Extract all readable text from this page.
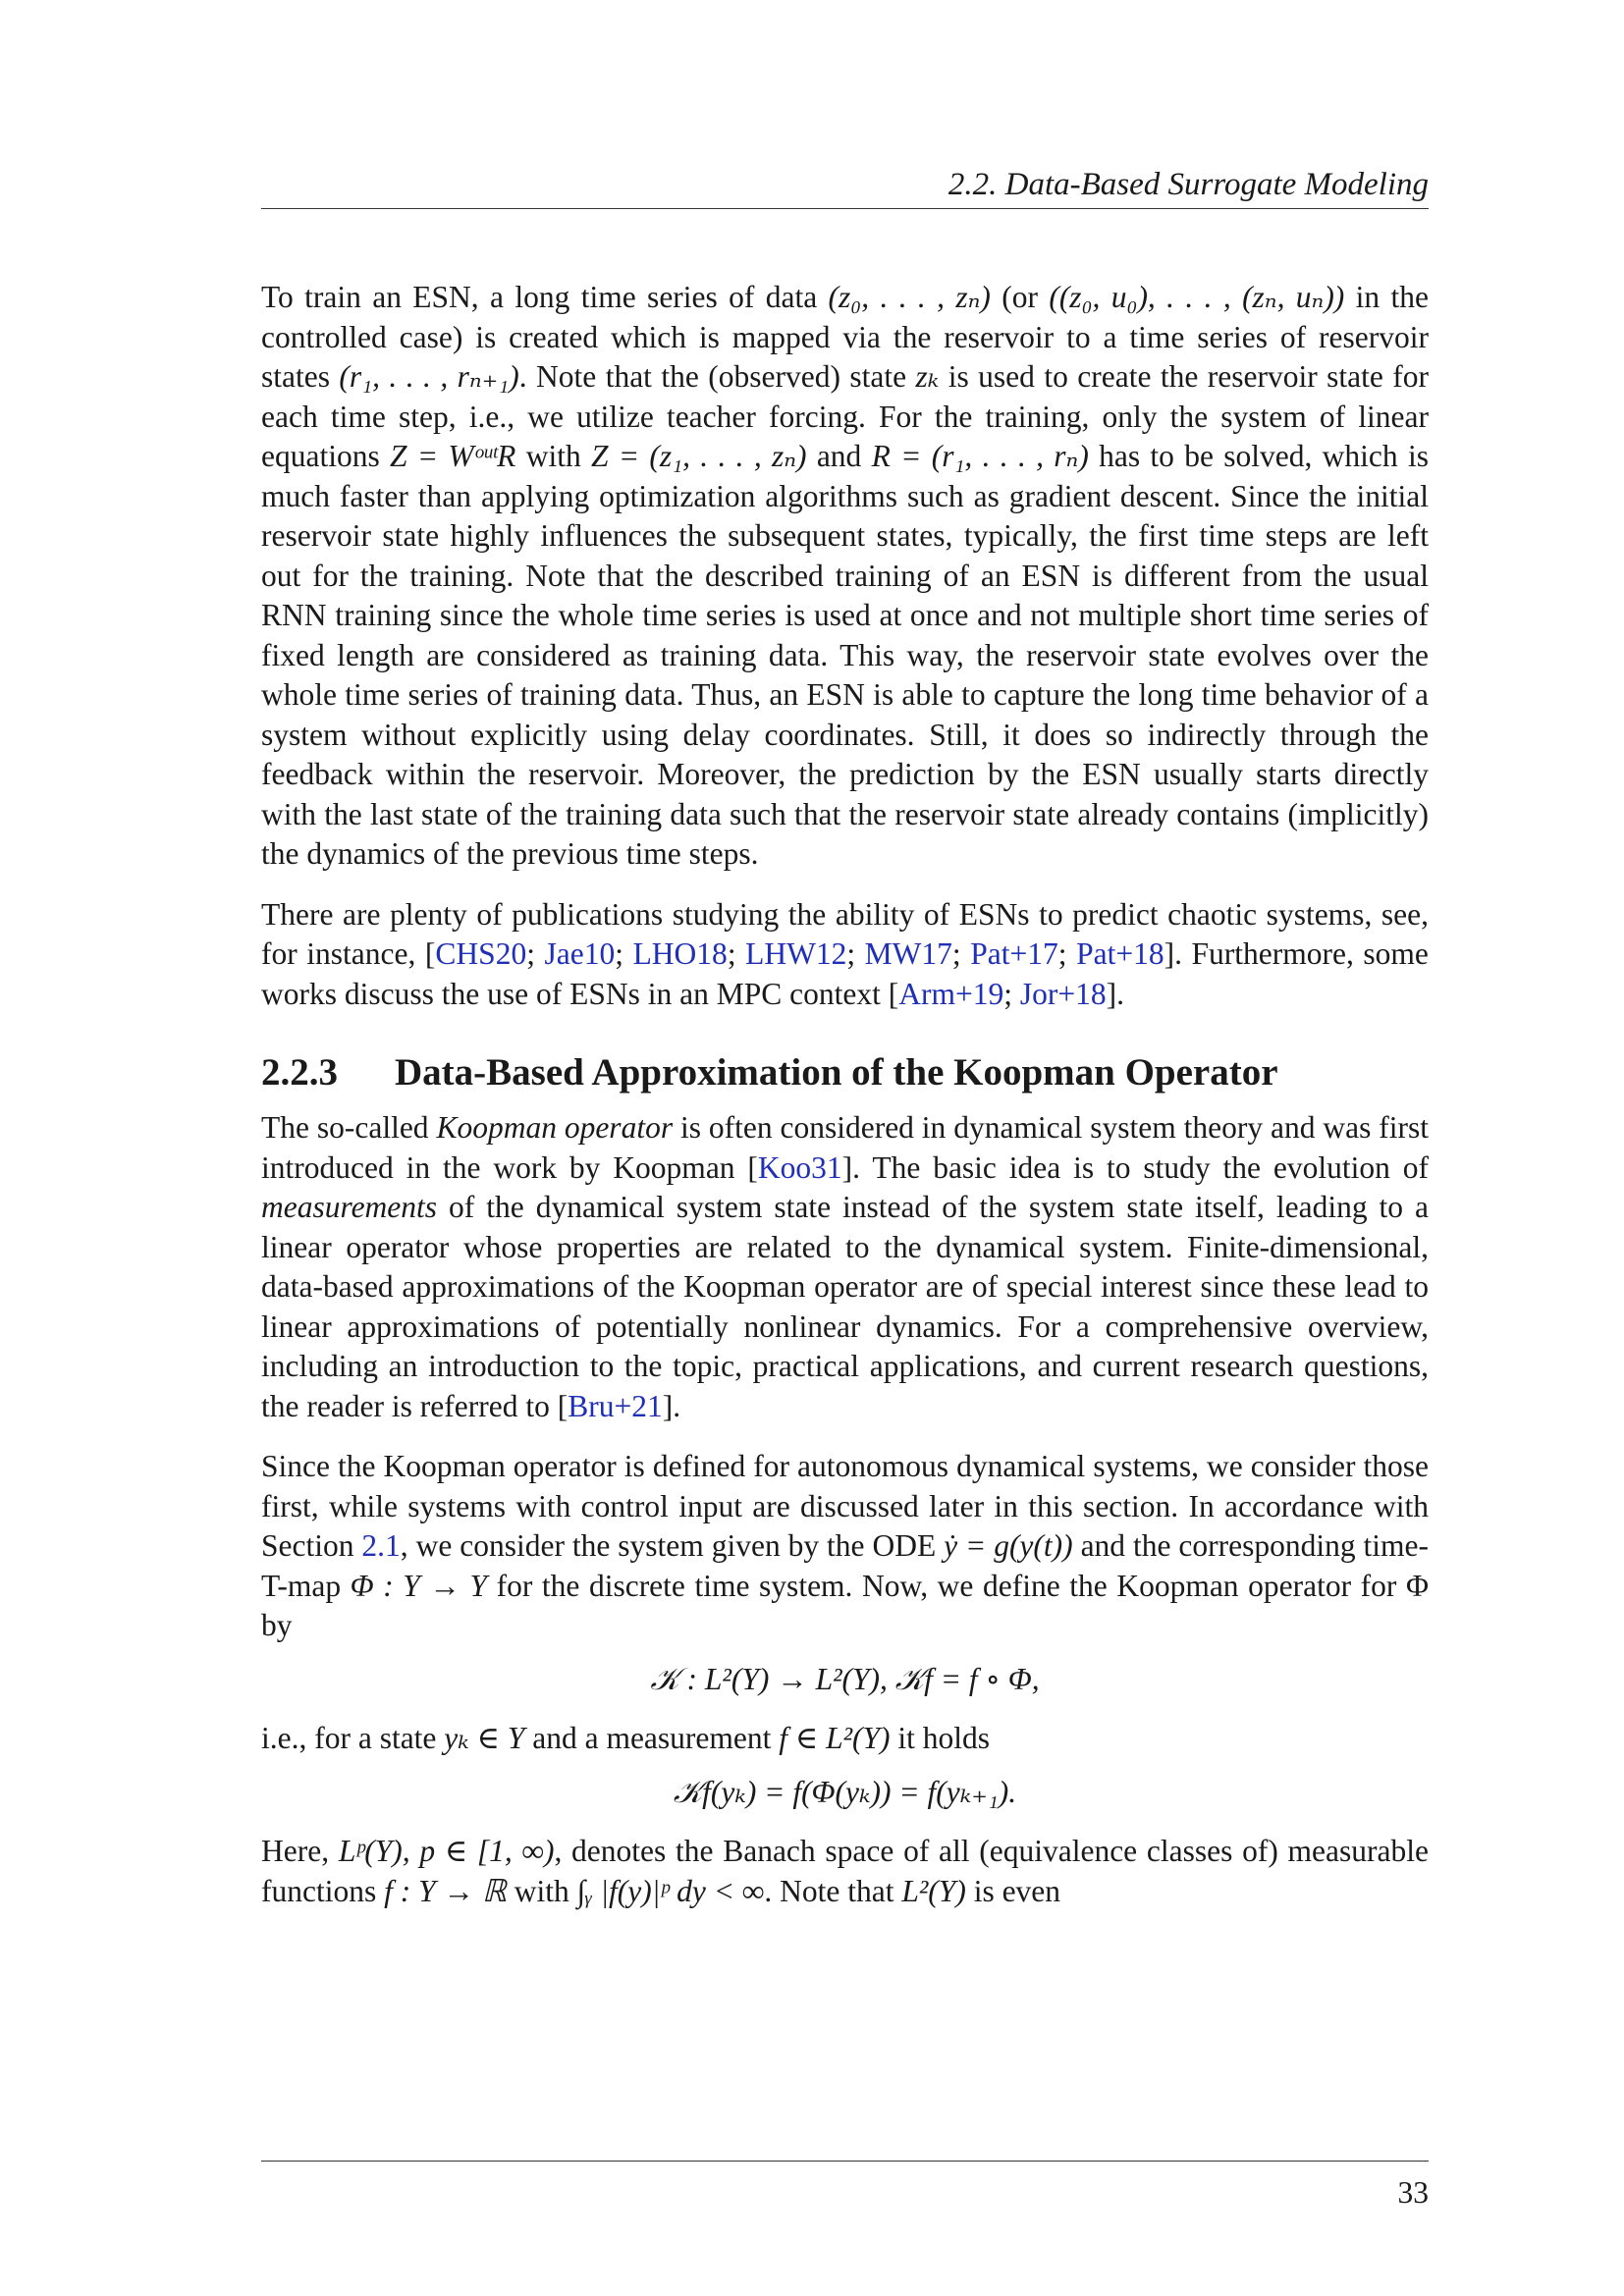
2.2. Data-Based Surrogate Modeling

To train an ESN, a long time series of data (z₀, . . . , zₙ) (or ((z₀, u₀), . . . , (zₙ, uₙ)) in the controlled case) is created which is mapped via the reservoir to a time series of reservoir states (r₁, . . . , rₙ₊₁). Note that the (observed) state zₖ is used to create the reservoir state for each time step, i.e., we utilize teacher forcing. For the training, only the system of linear equations Z = WᵒᵘᵗR with Z = (z₁, . . . , zₙ) and R = (r₁, . . . , rₙ) has to be solved, which is much faster than applying optimization algorithms such as gradient descent. Since the initial reservoir state highly influences the subsequent states, typically, the first time steps are left out for the training. Note that the described training of an ESN is different from the usual RNN training since the whole time series is used at once and not multiple short time series of fixed length are considered as training data. This way, the reservoir state evolves over the whole time series of training data. Thus, an ESN is able to capture the long time behavior of a system without explicitly using delay coordinates. Still, it does so indirectly through the feedback within the reservoir. Moreover, the prediction by the ESN usually starts directly with the last state of the training data such that the reservoir state already contains (implicitly) the dynamics of the previous time steps.

There are plenty of publications studying the ability of ESNs to predict chaotic systems, see, for instance, [CHS20; Jae10; LHO18; LHW12; MW17; Pat+17; Pat+18]. Furthermore, some works discuss the use of ESNs in an MPC context [Arm+19; Jor+18].

2.2.3 Data-Based Approximation of the Koopman Operator

The so-called Koopman operator is often considered in dynamical system theory and was first introduced in the work by Koopman [Koo31]. The basic idea is to study the evolution of measurements of the dynamical system state instead of the system state itself, leading to a linear operator whose properties are related to the dynamical system. Finite-dimensional, data-based approximations of the Koopman operator are of special interest since these lead to linear approximations of potentially nonlinear dynamics. For a comprehensive overview, including an introduction to the topic, practical applications, and current research questions, the reader is referred to [Bru+21].

Since the Koopman operator is defined for autonomous dynamical systems, we consider those first, while systems with control input are discussed later in this section. In accordance with Section 2.1, we consider the system given by the ODE ẏ = g(y(t)) and the corresponding time-T-map Φ : Y → Y for the discrete time system. Now, we define the Koopman operator for Φ by

𝒦 : L²(Y) → L²(Y), 𝒦f = f ∘ Φ,

i.e., for a state yₖ ∈ Y and a measurement f ∈ L²(Y) it holds

𝒦f(yₖ) = f(Φ(yₖ)) = f(yₖ₊₁).

Here, Lᵖ(Y), p ∈ [1, ∞), denotes the Banach space of all (equivalence classes of) measurable functions f : Y → ℝ with ∫ᵧ |f(y)|ᵖ dy < ∞. Note that L²(Y) is even

33
